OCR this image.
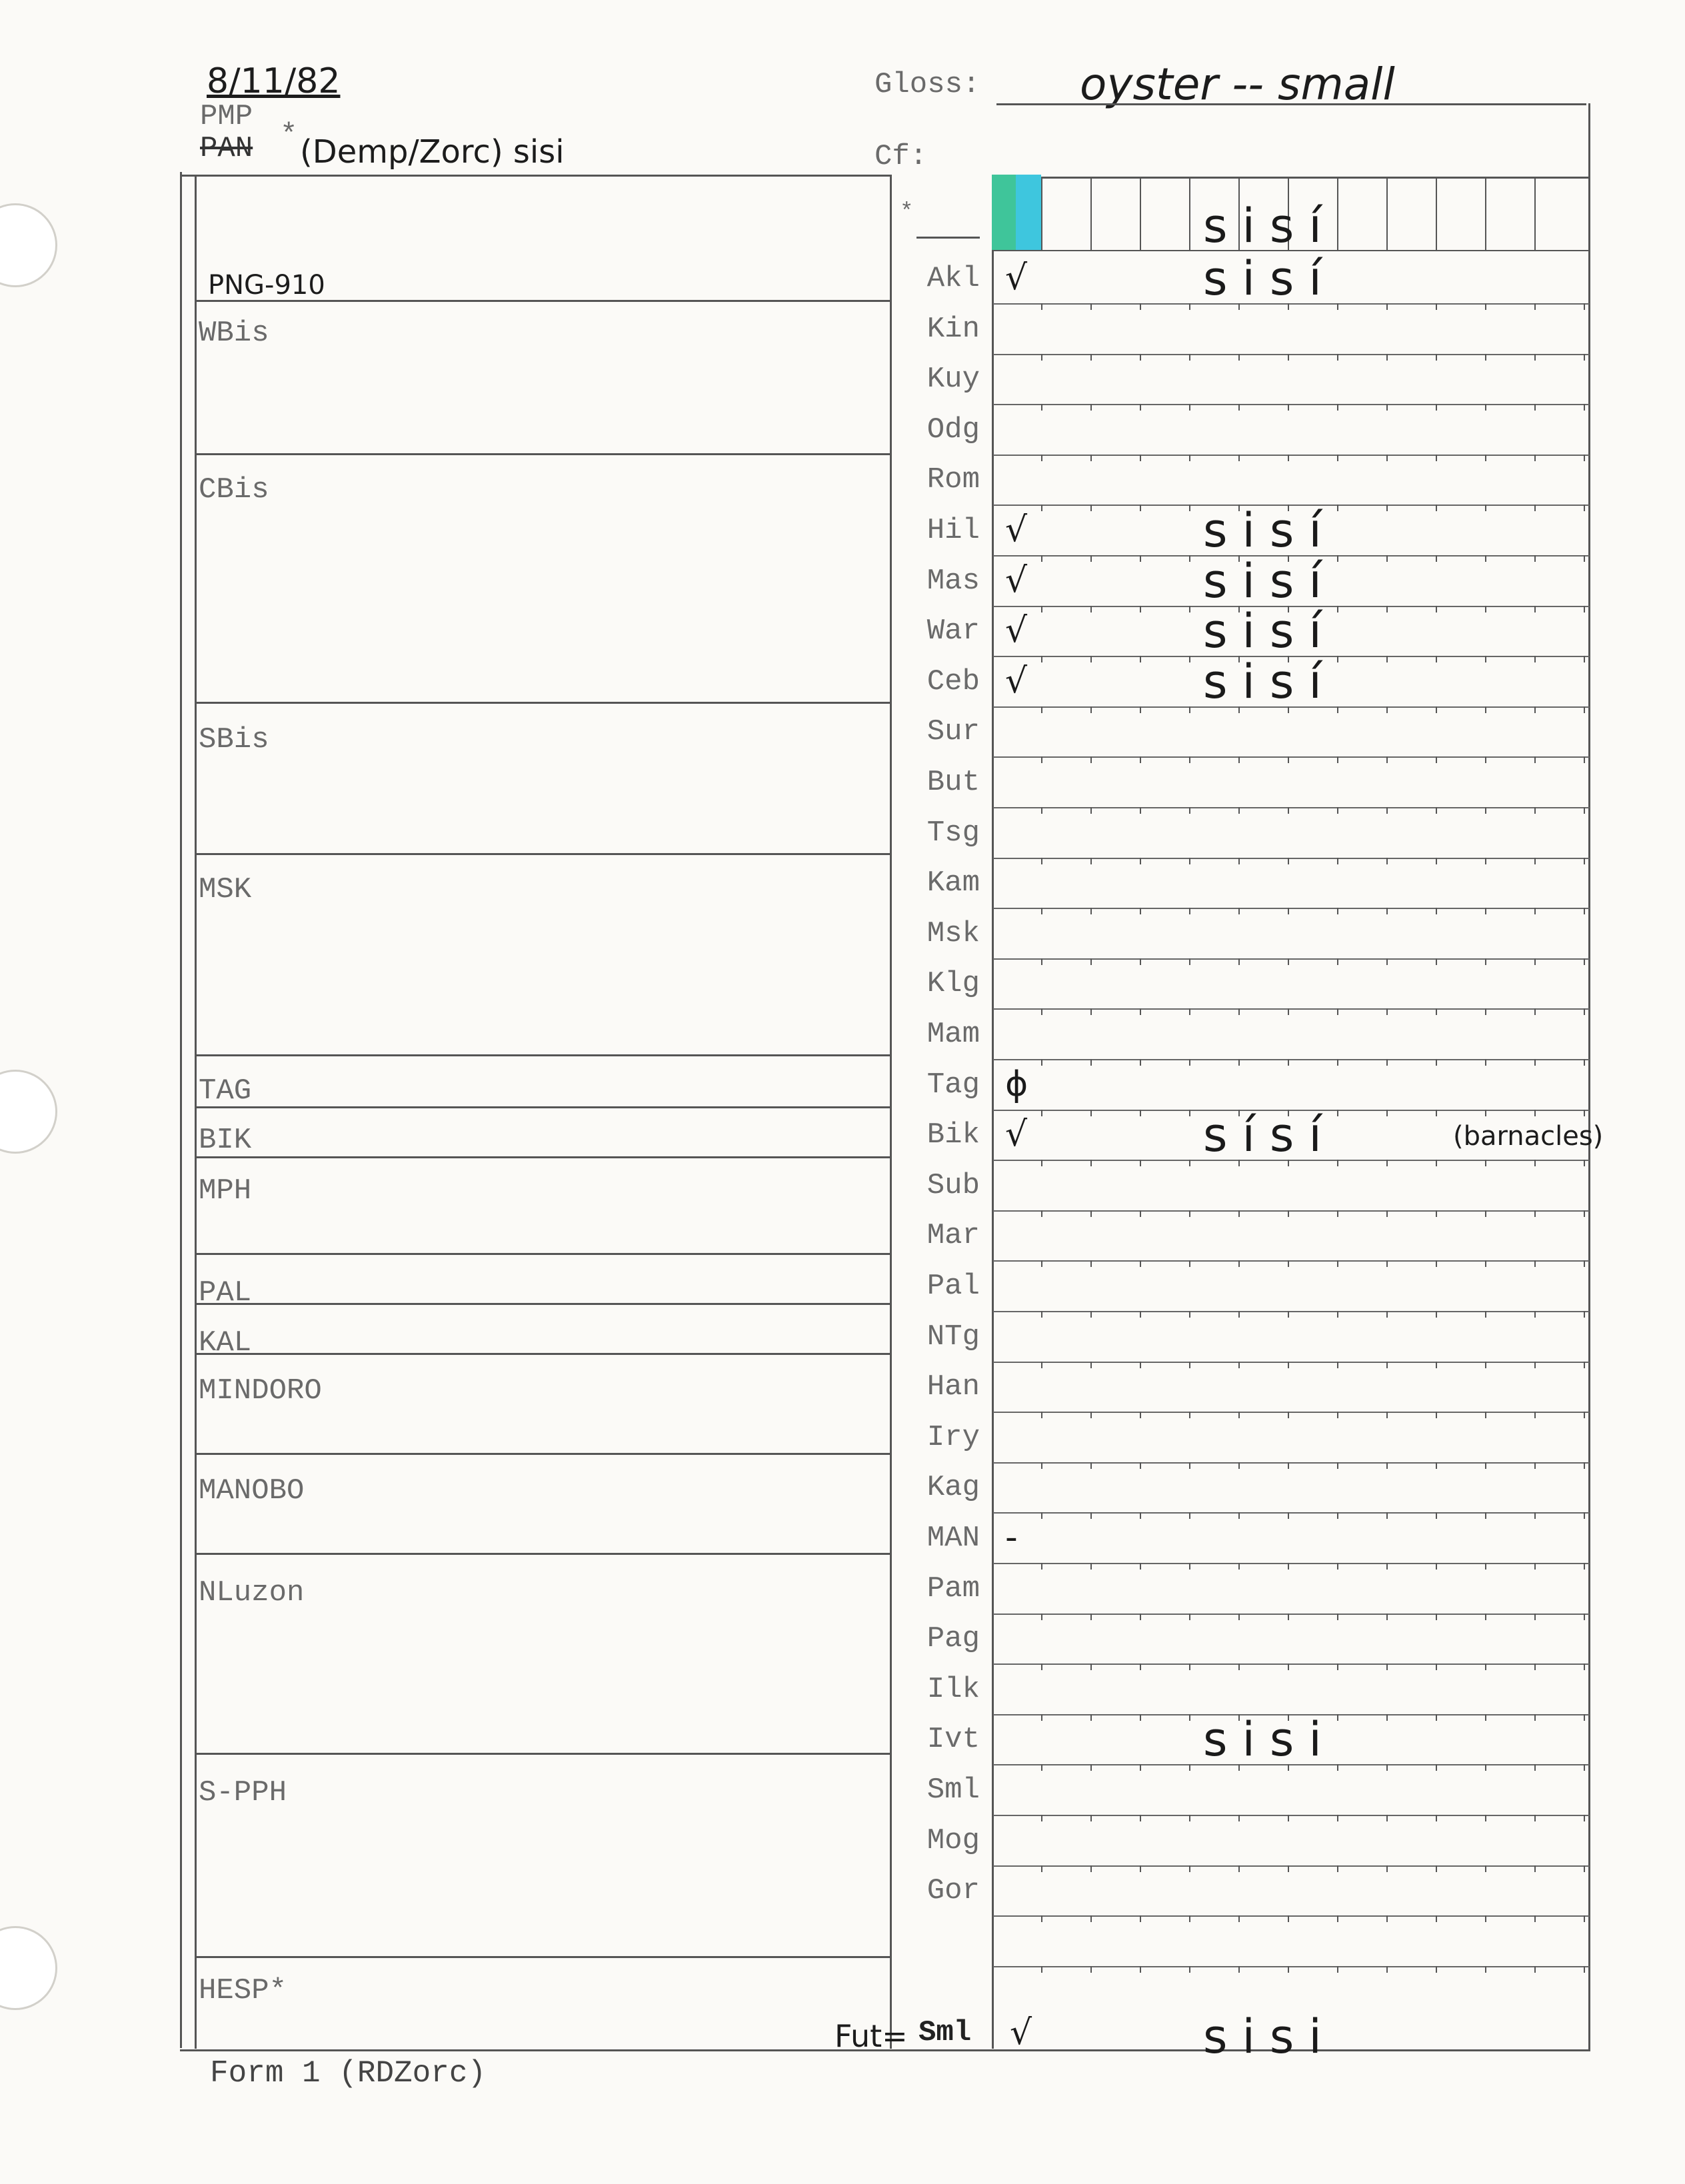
8/11/82
PMP
PAN * (Demp/Zorc) sisi
Gloss: oyster -- small
Cf:
PNG-910
WBis
CBis
SBis
MSK
TAG
BIK
MPH
PAL
KAL
MINDORO
MANOBO
NLuzon
S-PPH
HESP*
*	sisí
Akl √	sisí
Kin
Kuy
Odg
Rom
Hil √	sisí
Mas √	sisí
War √	sisí
Ceb √	sisí
Sur
But
Tsg
Kam
Msk
Klg
Mam
Tag ϕ
Bik √	sísí	(barnacles)
Sub
Mar
Pal
NTg
Han
Iry
Kag
MAN -
Pam
Pag
Ilk
Ivt	sisi
Sml
Mog
Gor
Fut= Sml √	sisi
Form 1 (RDZorc)
